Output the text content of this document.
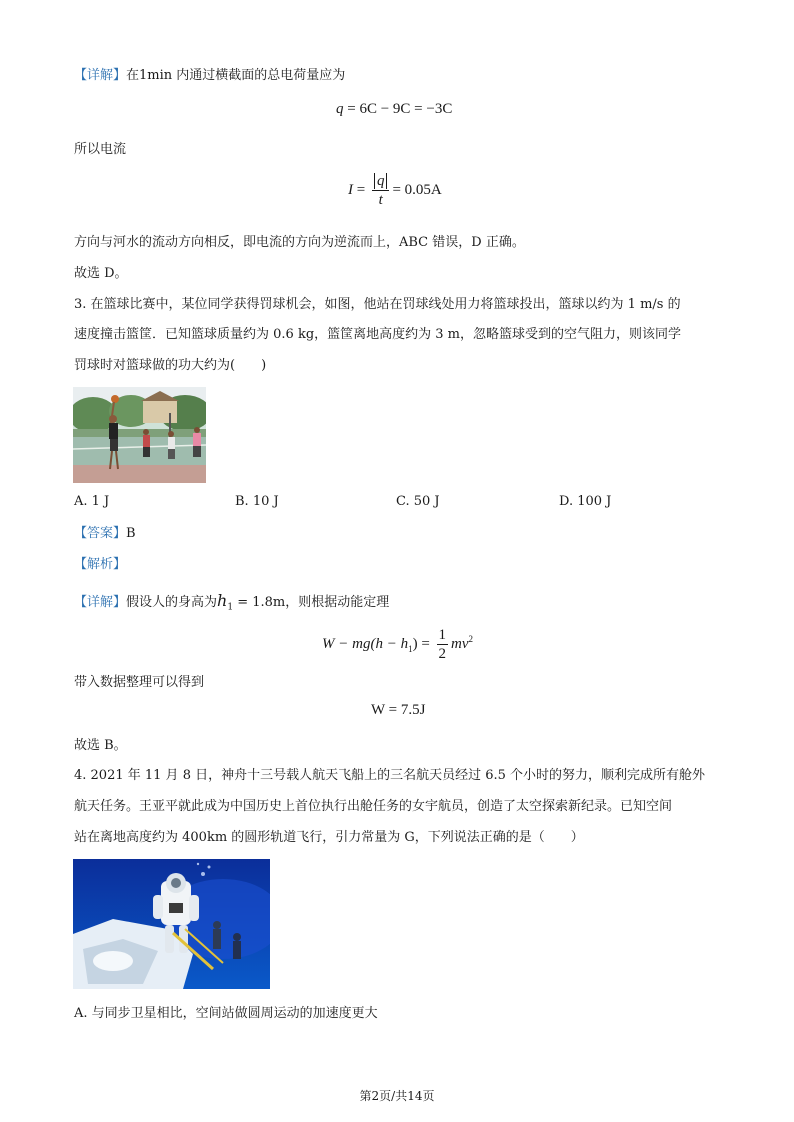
【详解】在1min 内通过横截面的总电荷量应为
q = 6C − 9C = −3C
所以电流
$I = \frac{q}{t} = 0.05A$
方向与河水的流动方向相反，即电流的方向为逆流而上，ABC 错误，D 正确。
故选 D。
3. 在篮球比赛中，某位同学获得罚球机会，如图，他站在罚球线处用力将篮球投出，篮球以约为 1 m/s 的
速度撞击篮筐．已知篮球质量约为 0.6 kg，篮筐离地高度约为 3 m，忽略篮球受到的空气阻力，则该同学
罚球时对篮球做的功大约为(　　)
A. 1 J	B. 10 J	C. 50 J	D. 100 J
【答案】B
【解析】
【详解】假设人的身高为$h_1 = 1.8m$，则根据动能定理
$W - mg(h - h_1) = \frac{1}{2} mv^2$
带入数据整理可以得到
W = 7.5J
故选 B。
4. 2021 年 11 月 8 日，神舟十三号载人航天飞船上的三名航天员经过 6.5 个小时的努力，顺利完成所有舱外
航天任务。王亚平就此成为中国历史上首位执行出舱任务的女宇航员，创造了太空探索新纪录。已知空间
站在离地高度约为 400km 的圆形轨道飞行，引力常量为 G，下列说法正确的是（　　）
A. 与同步卫星相比，空间站做圆周运动的加速度更大
第2页/共14页
